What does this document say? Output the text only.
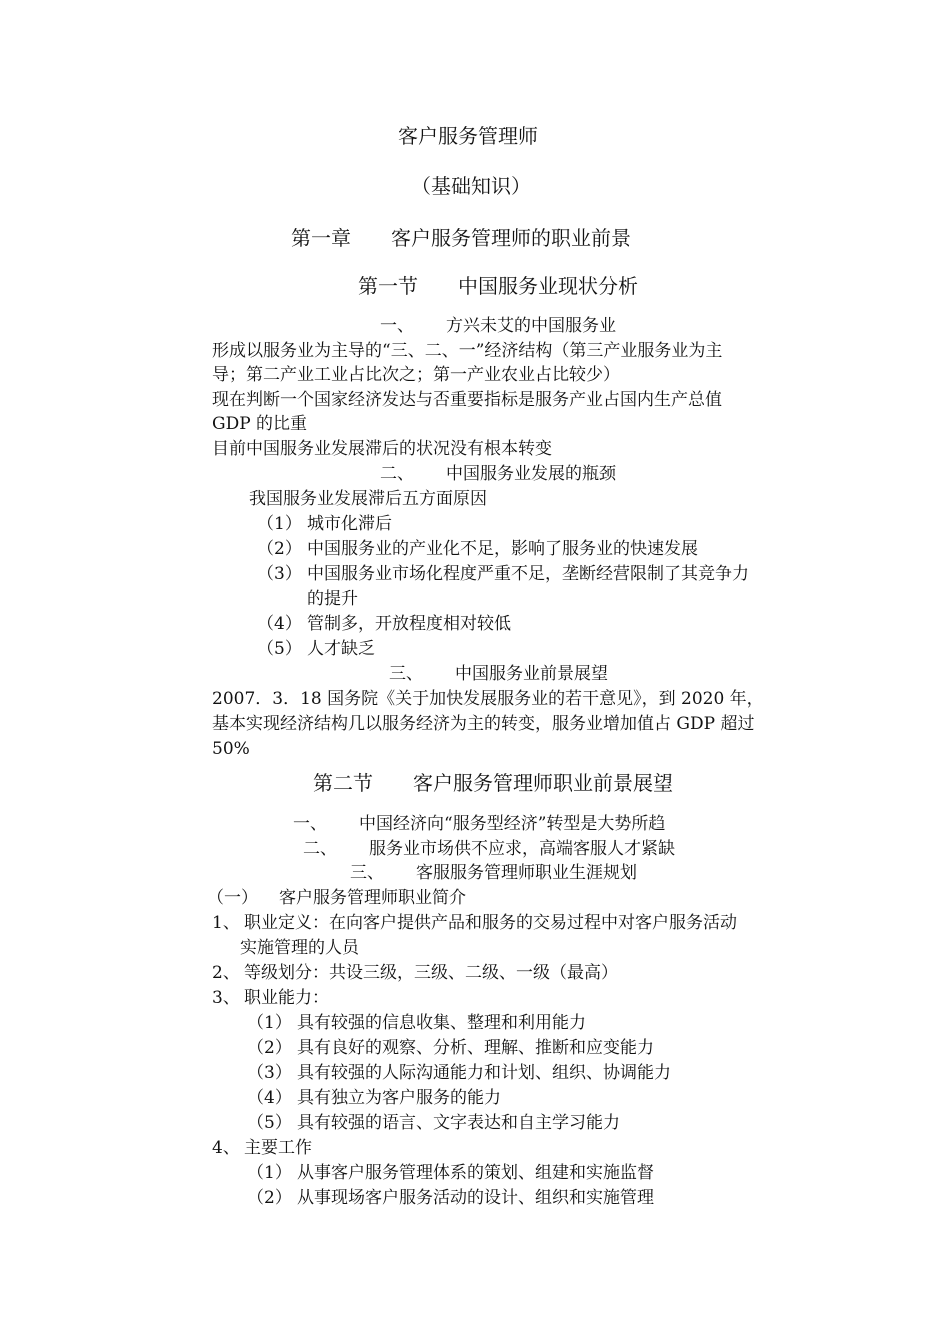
客户服务管理师
（基础知识）
第一章 客户服务管理师的职业前景
第一节 中国服务业现状分析
一、 方兴未艾的中国服务业
形成以服务业为主导的“三、二、一”经济结构（第三产业服务业为主
导；第二产业工业占比次之；第一产业农业占比较少）
现在判断一个国家经济发达与否重要指标是服务产业占国内生产总值
GDP 的比重
目前中国服务业发展滞后的状况没有根本转变
二、 中国服务业发展的瓶颈
我国服务业发展滞后五方面原因
（1） 城市化滞后
（2） 中国服务业的产业化不足，影响了服务业的快速发展
（3） 中国服务业市场化程度严重不足，垄断经营限制了其竞争力
的提升
（4） 管制多，开放程度相对较低
（5） 人才缺乏
三、 中国服务业前景展望
2007．3．18 国务院《关于加快发展服务业的若干意见》，到 2020 年，
基本实现经济结构几以服务经济为主的转变，服务业增加值占 GDP 超过
50%
第二节 客户服务管理师职业前景展望
一、 中国经济向“服务型经济”转型是大势所趋
二、 服务业市场供不应求，高端客服人才紧缺
三、 客服服务管理师职业生涯规划
（一） 客户服务管理师职业简介
1、 职业定义：在向客户提供产品和服务的交易过程中对客户服务活动
实施管理的人员
2、 等级划分：共设三级，三级、二级、一级（最高）
3、 职业能力：
（1） 具有较强的信息收集、整理和利用能力
（2） 具有良好的观察、分析、理解、推断和应变能力
（3） 具有较强的人际沟通能力和计划、组织、协调能力
（4） 具有独立为客户服务的能力
（5） 具有较强的语言、文字表达和自主学习能力
4、 主要工作
（1） 从事客户服务管理体系的策划、组建和实施监督
（2） 从事现场客户服务活动的设计、组织和实施管理
